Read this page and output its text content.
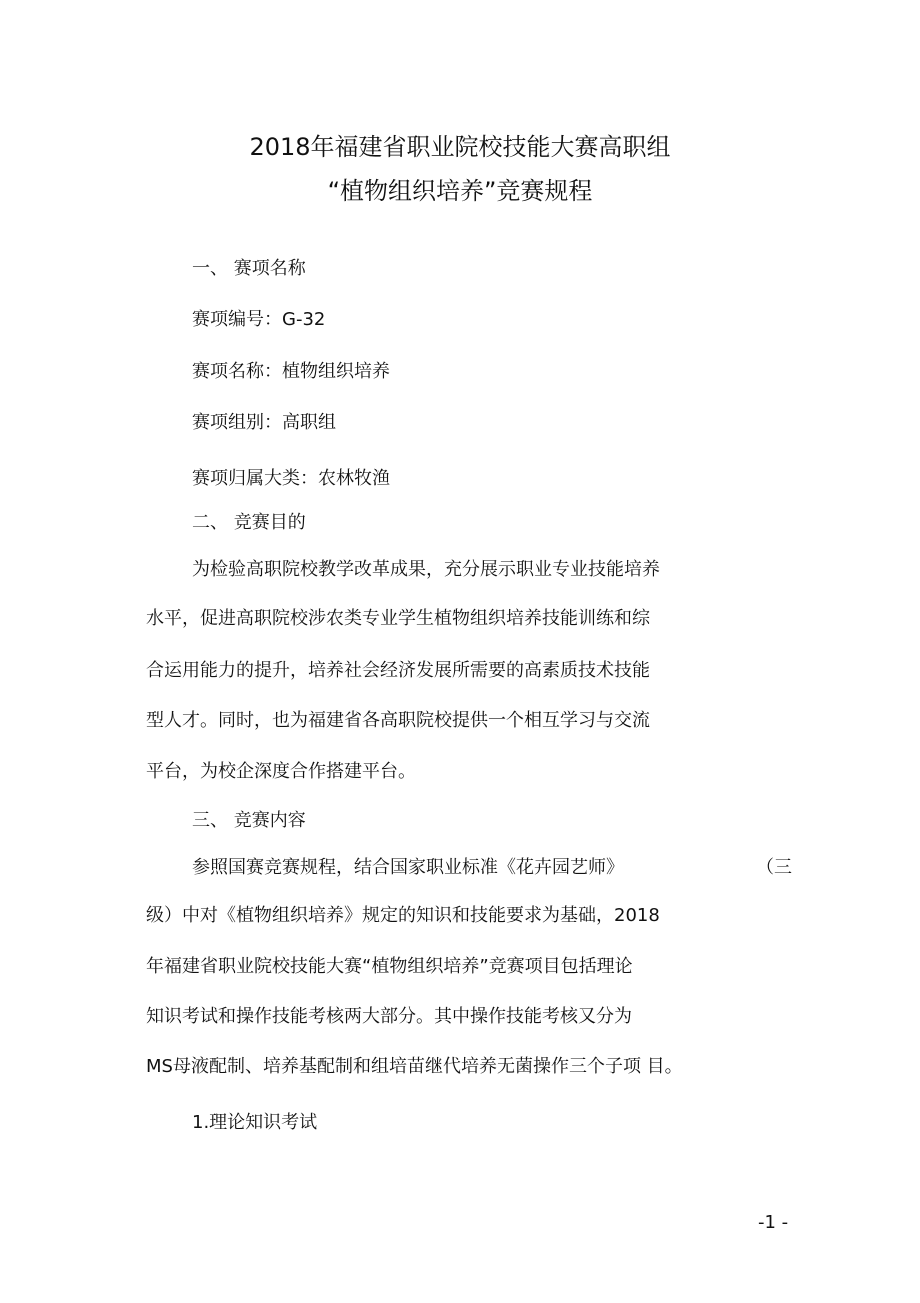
2018年福建省职业院校技能大赛高职组
“植物组织培养”竞赛规程
一、 赛项名称
赛项编号：G-32
赛项名称：植物组织培养
赛项组别：高职组
赛项归属大类：农林牧渔
二、 竞赛目的
为检验高职院校教学改革成果，充分展示职业专业技能培养
水平，促进高职院校涉农类专业学生植物组织培养技能训练和综
合运用能力的提升，培养社会经济发展所需要的高素质技术技能
型人才。同时，也为福建省各高职院校提供一个相互学习与交流
平台，为校企深度合作搭建平台。
三、 竞赛内容
参照国赛竞赛规程，结合国家职业标准《花卉园艺师》	（三
级）中对《植物组织培养》规定的知识和技能要求为基础，2018
年福建省职业院校技能大赛“植物组织培养”竞赛项目包括理论
知识考试和操作技能考核两大部分。其中操作技能考核又分为
MS母液配制、培养基配制和组培苗继代培养无菌操作三个子项 目。
1.理论知识考试
-1 -
